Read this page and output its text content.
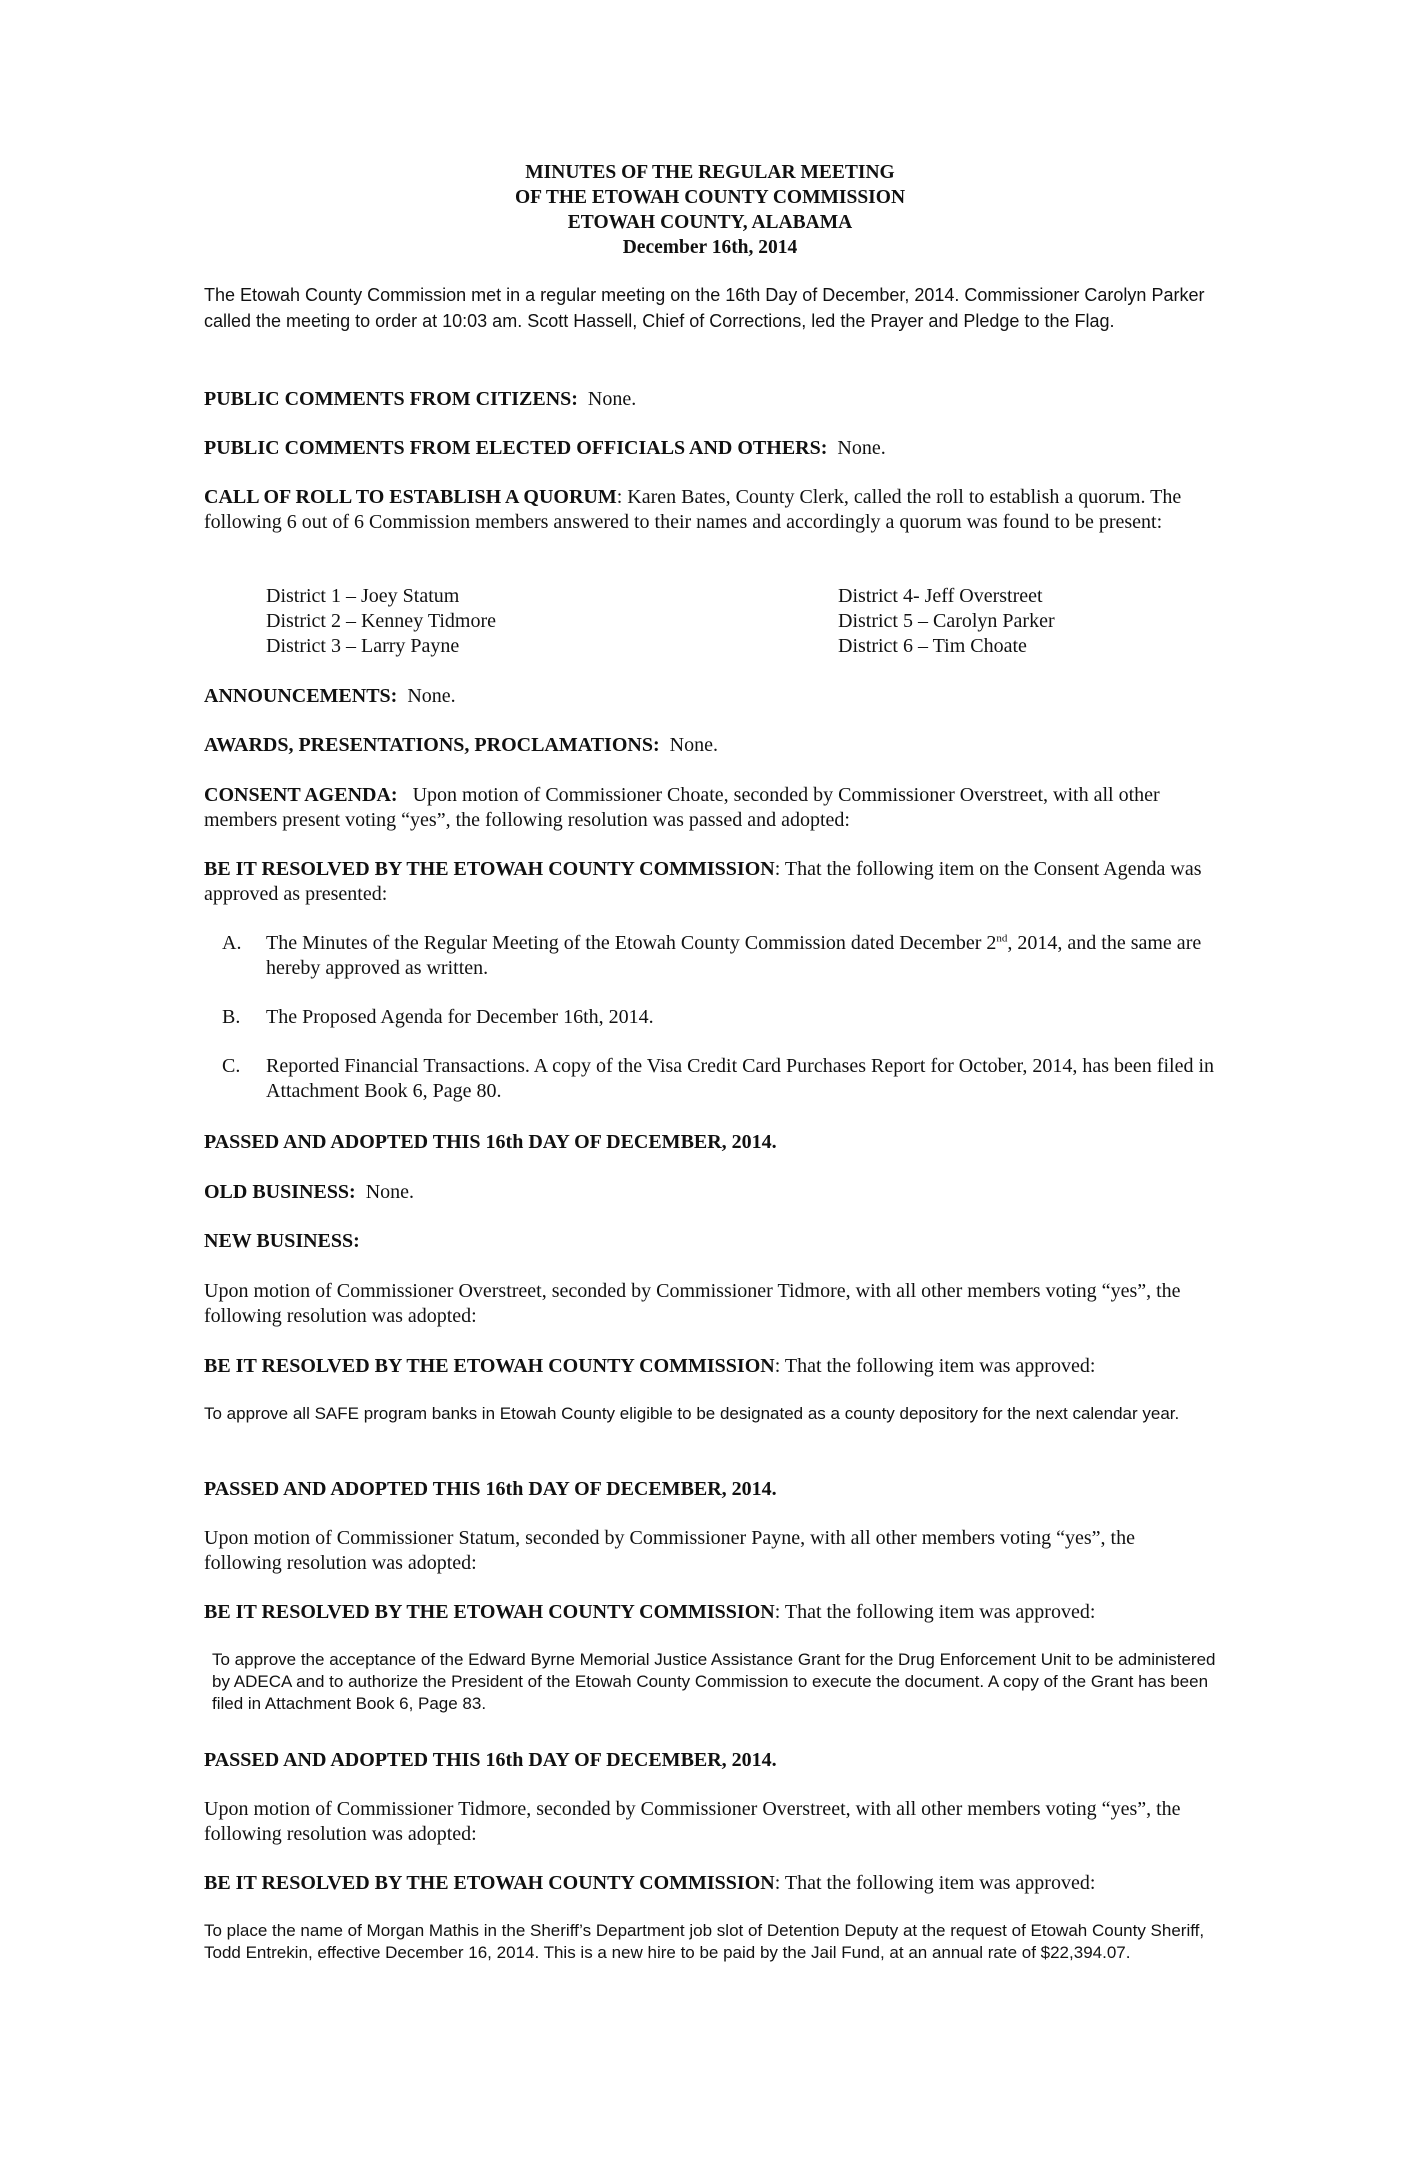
MINUTES OF THE REGULAR MEETING
OF THE ETOWAH COUNTY COMMISSION
ETOWAH COUNTY, ALABAMA
December 16th, 2014

The Etowah County Commission met in a regular meeting on the 16th Day of December, 2014. Commissioner Carolyn Parker called the meeting to order at 10:03 am. Scott Hassell, Chief of Corrections, led the Prayer and Pledge to the Flag.

PUBLIC COMMENTS FROM CITIZENS: None.

PUBLIC COMMENTS FROM ELECTED OFFICIALS AND OTHERS: None.

CALL OF ROLL TO ESTABLISH A QUORUM: Karen Bates, County Clerk, called the roll to establish a quorum. The following 6 out of 6 Commission members answered to their names and accordingly a quorum was found to be present:

District 1 – Joey Statum
District 2 – Kenney Tidmore
District 3 – Larry Payne
District 4- Jeff Overstreet
District 5 – Carolyn Parker
District 6 – Tim Choate

ANNOUNCEMENTS: None.

AWARDS, PRESENTATIONS, PROCLAMATIONS: None.

CONSENT AGENDA: Upon motion of Commissioner Choate, seconded by Commissioner Overstreet, with all other members present voting “yes”, the following resolution was passed and adopted:

BE IT RESOLVED BY THE ETOWAH COUNTY COMMISSION: That the following item on the Consent Agenda was approved as presented:

A. The Minutes of the Regular Meeting of the Etowah County Commission dated December 2nd, 2014, and the same are hereby approved as written.
B. The Proposed Agenda for December 16th, 2014.
C. Reported Financial Transactions. A copy of the Visa Credit Card Purchases Report for October, 2014, has been filed in Attachment Book 6, Page 80.

PASSED AND ADOPTED THIS 16th DAY OF DECEMBER, 2014.

OLD BUSINESS: None.

NEW BUSINESS:

Upon motion of Commissioner Overstreet, seconded by Commissioner Tidmore, with all other members voting “yes”, the following resolution was adopted:

BE IT RESOLVED BY THE ETOWAH COUNTY COMMISSION: That the following item was approved:

To approve all SAFE program banks in Etowah County eligible to be designated as a county depository for the next calendar year.

PASSED AND ADOPTED THIS 16th DAY OF DECEMBER, 2014.

Upon motion of Commissioner Statum, seconded by Commissioner Payne, with all other members voting “yes”, the following resolution was adopted:

BE IT RESOLVED BY THE ETOWAH COUNTY COMMISSION: That the following item was approved:

To approve the acceptance of the Edward Byrne Memorial Justice Assistance Grant for the Drug Enforcement Unit to be administered by ADECA and to authorize the President of the Etowah County Commission to execute the document. A copy of the Grant has been filed in Attachment Book 6, Page 83.

PASSED AND ADOPTED THIS 16th DAY OF DECEMBER, 2014.

Upon motion of Commissioner Tidmore, seconded by Commissioner Overstreet, with all other members voting “yes”, the following resolution was adopted:

BE IT RESOLVED BY THE ETOWAH COUNTY COMMISSION: That the following item was approved:

To place the name of Morgan Mathis in the Sheriff’s Department job slot of Detention Deputy at the request of Etowah County Sheriff, Todd Entrekin, effective December 16, 2014. This is a new hire to be paid by the Jail Fund, at an annual rate of $22,394.07.
